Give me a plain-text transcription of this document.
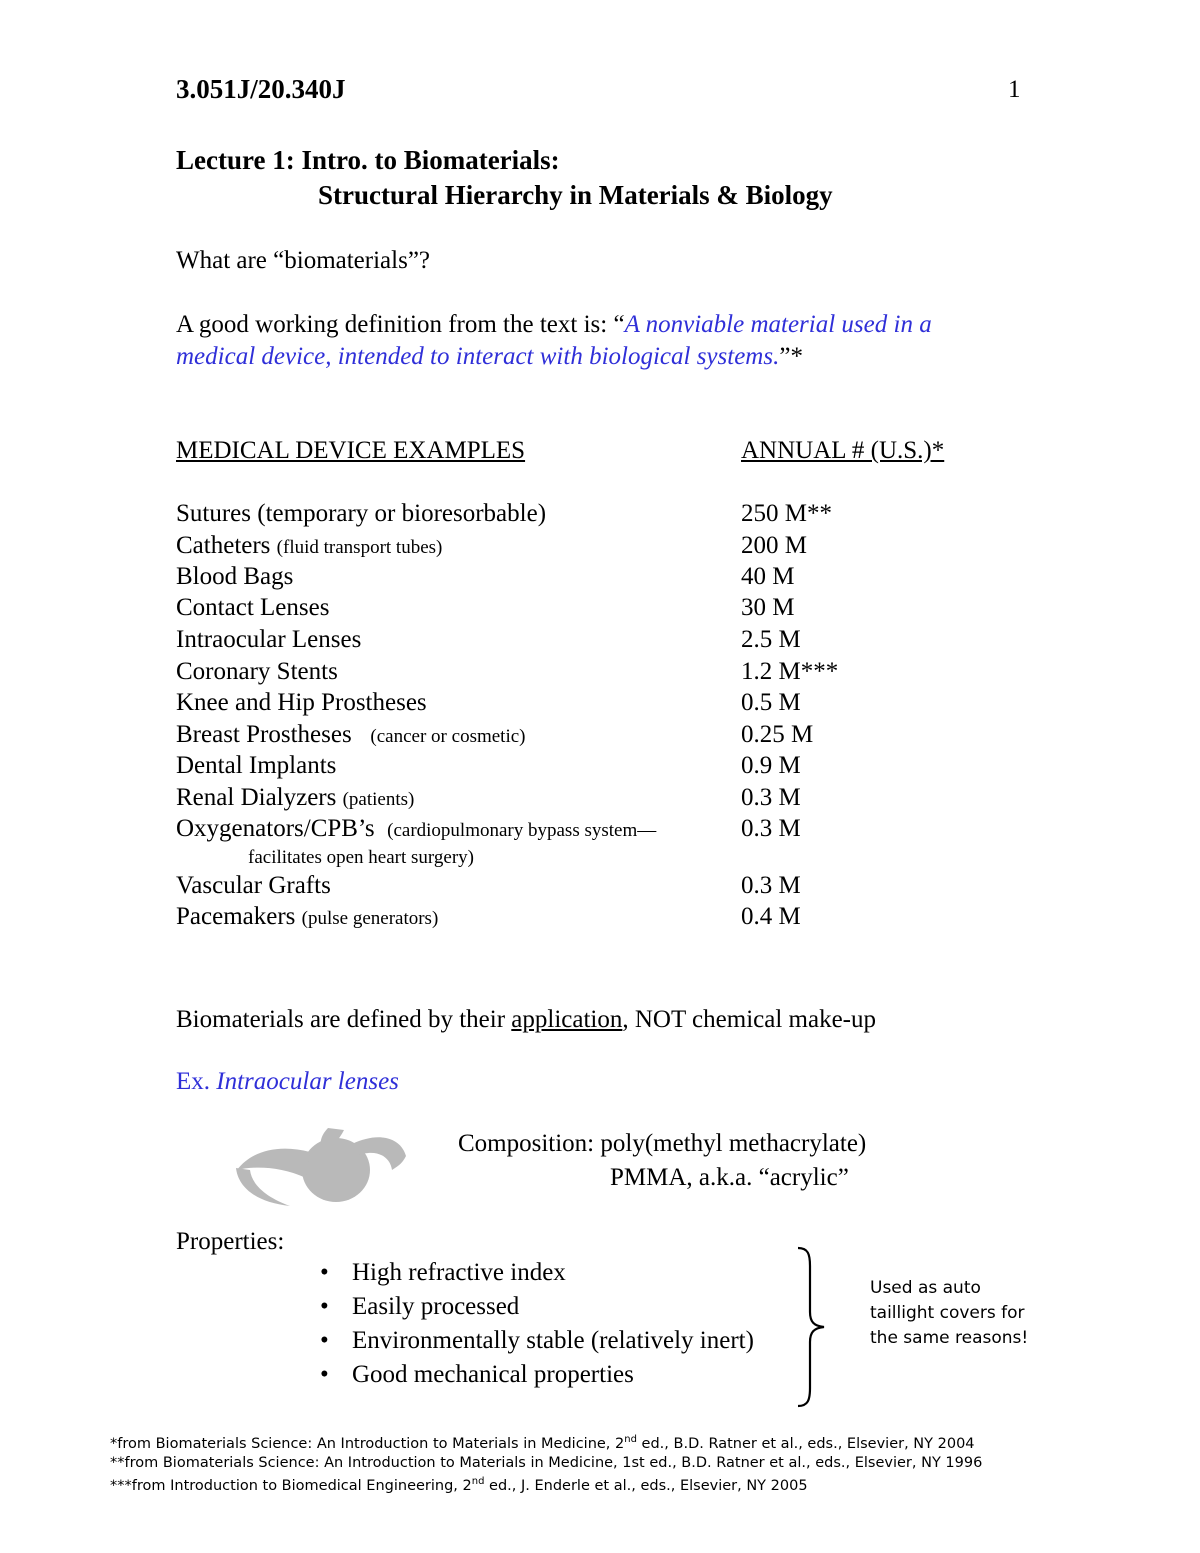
3.051J/20.340J	1
Lecture 1: Intro. to Biomaterials:
Structural Hierarchy in Materials & Biology
What are “biomaterials”?
A good working definition from the text is: “A nonviable material used in a
medical device, intended to interact with biological systems.”*
MEDICAL DEVICE EXAMPLES	ANNUAL # (U.S.)*
Sutures (temporary or bioresorbable)	250 M**
Catheters (fluid transport tubes)	200 M
Blood Bags	40 M
Contact Lenses	30 M
Intraocular Lenses	2.5 M
Coronary Stents	1.2 M***
Knee and Hip Prostheses	0.5 M
Breast Prostheses (cancer or cosmetic)	0.25 M
Dental Implants	0.9 M
Renal Dialyzers (patients)	0.3 M
Oxygenators/CPB’s (cardiopulmonary bypass system—	0.3 M
facilitates open heart surgery)
Vascular Grafts	0.3 M
Pacemakers (pulse generators)	0.4 M
Biomaterials are defined by their application, NOT chemical make-up
Ex. Intraocular lenses
Composition: poly(methyl methacrylate)
PMMA, a.k.a. “acrylic”
Properties:
• High refractive index
• Easily processed
• Environmentally stable (relatively inert)
• Good mechanical properties
Used as auto
taillight covers for
the same reasons!
*from Biomaterials Science: An Introduction to Materials in Medicine, 2nd ed., B.D. Ratner et al., eds., Elsevier, NY 2004
**from Biomaterials Science: An Introduction to Materials in Medicine, 1st ed., B.D. Ratner et al., eds., Elsevier, NY 1996
***from Introduction to Biomedical Engineering, 2nd ed., J. Enderle et al., eds., Elsevier, NY 2005
